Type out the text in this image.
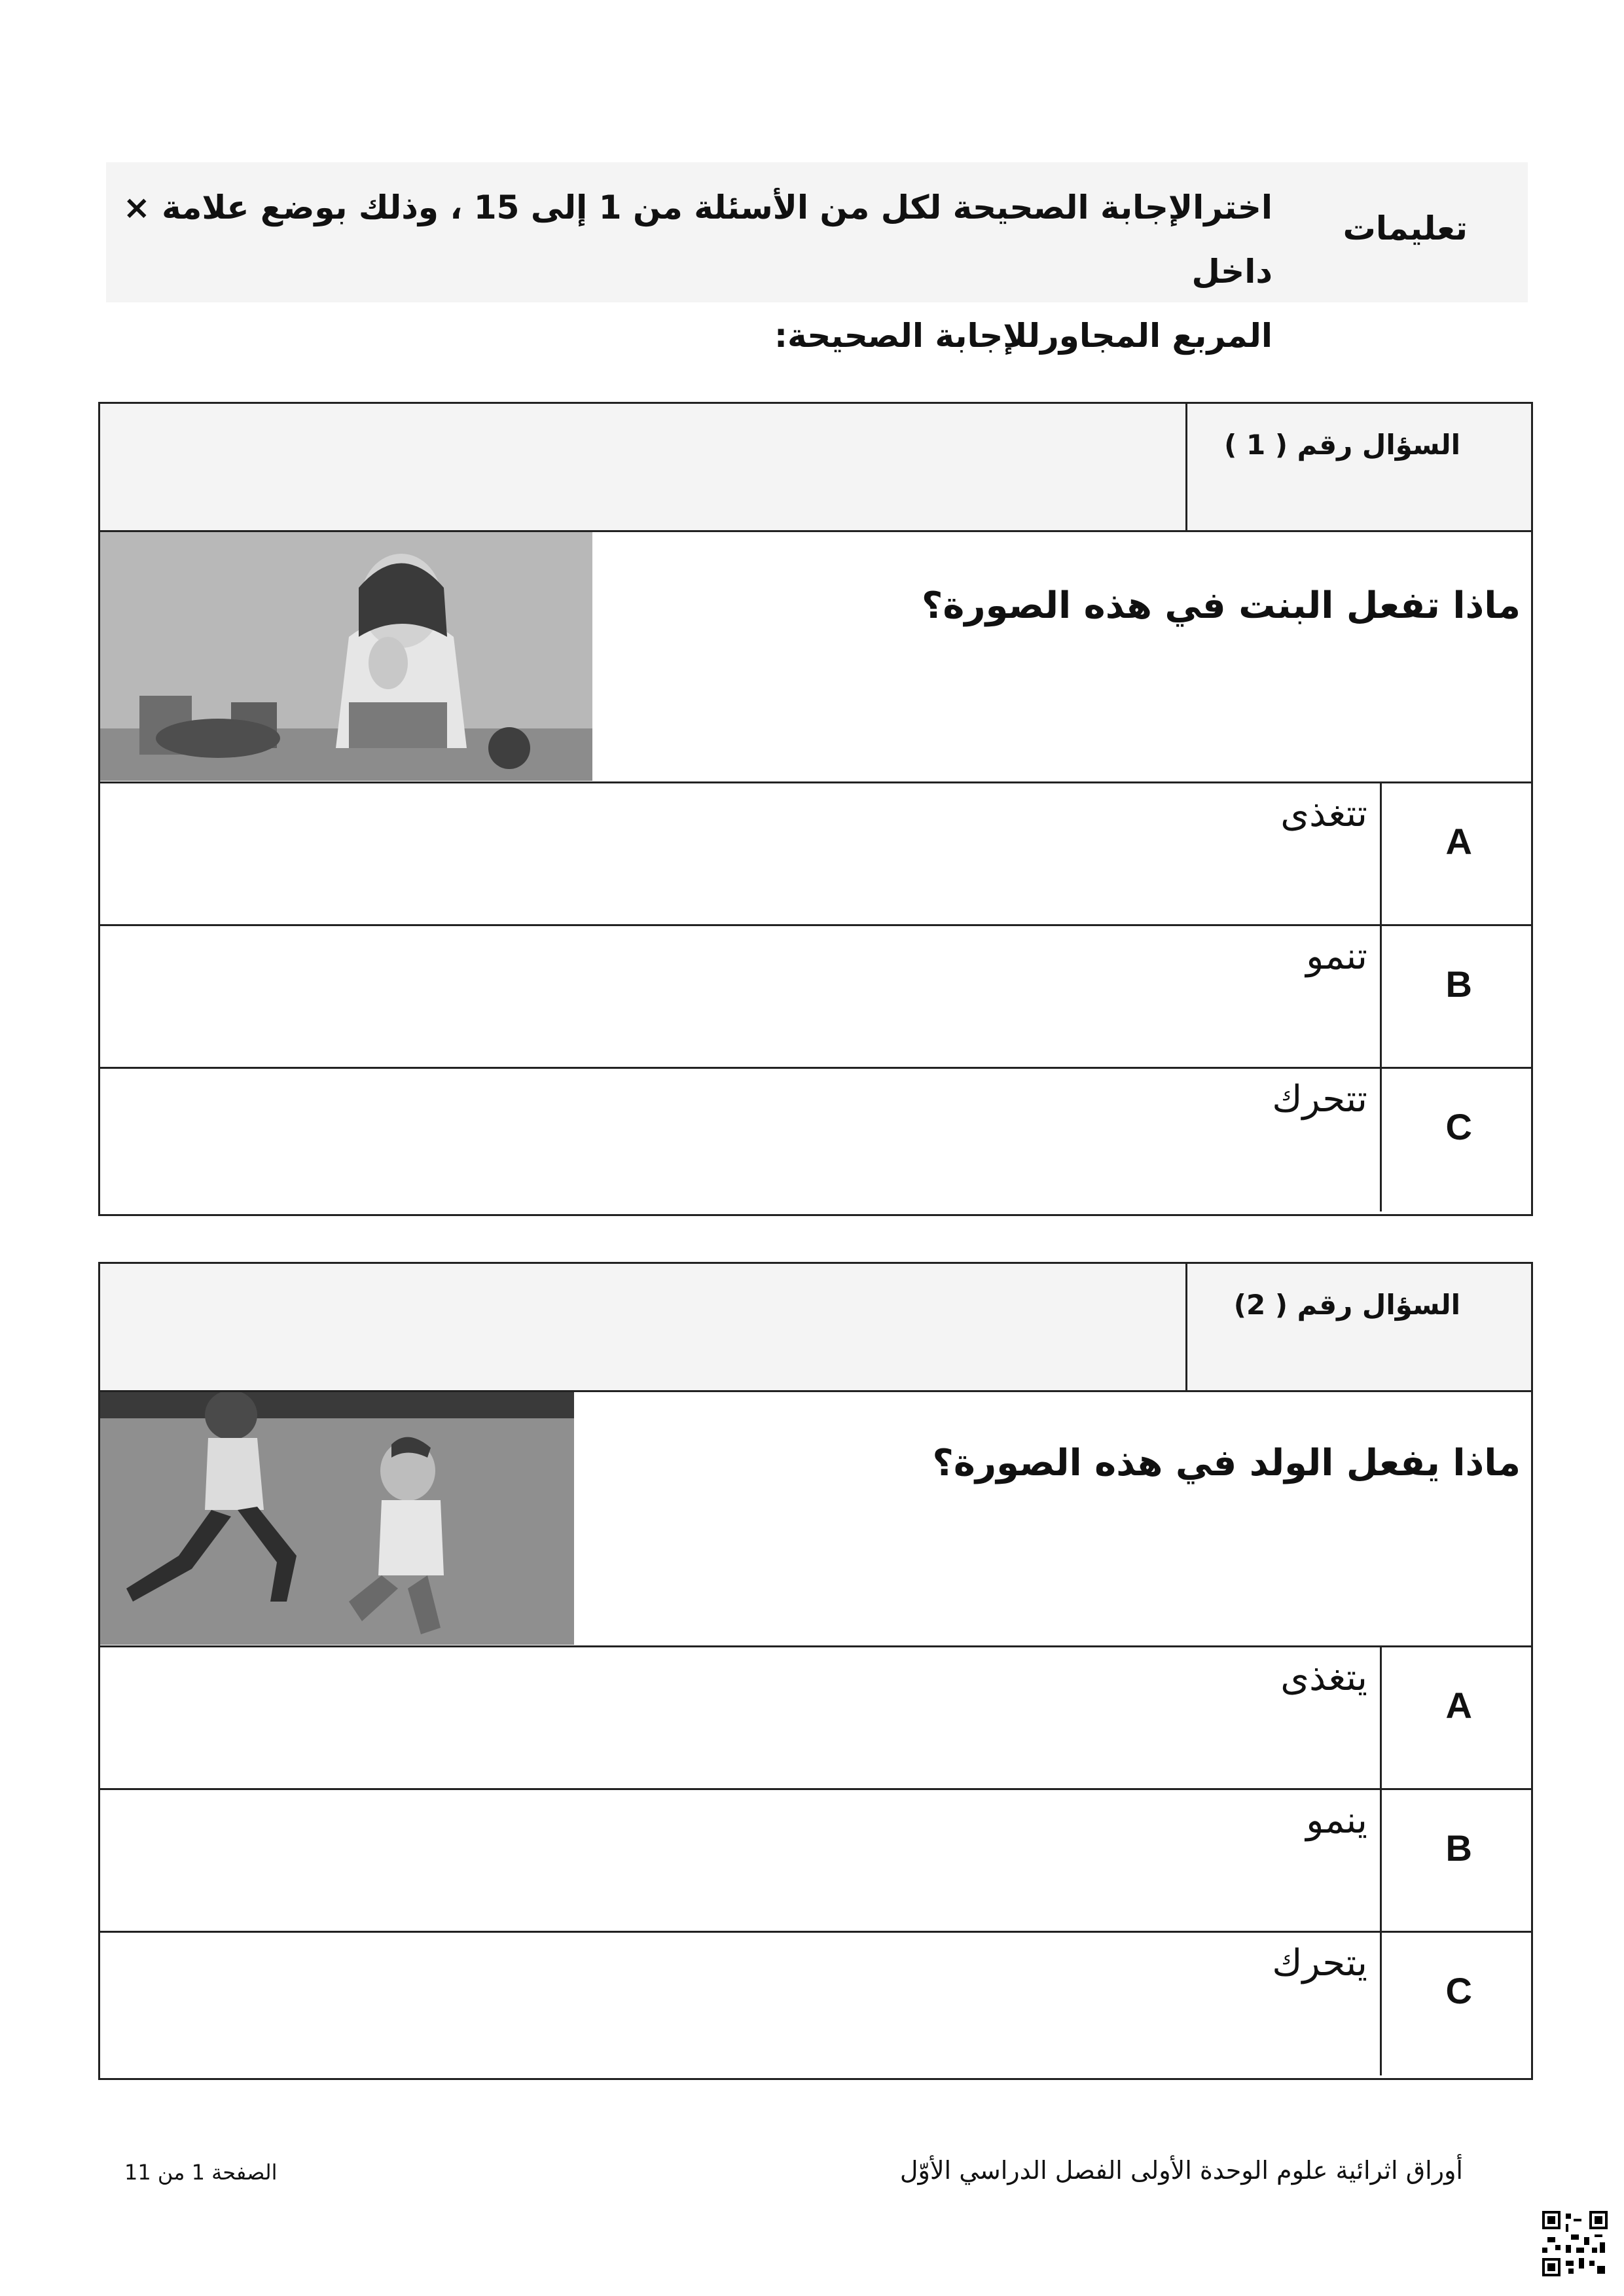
تعليمات
اخترالإجابة الصحيحة لكل من الأسئلة من 1 إلى 15 ، وذلك بوضع علامة × داخل
المربع المجاورللإجابة الصحيحة:
السؤال رقم ( 1 )
ماذا تفعل البنت في هذه الصورة؟
A
تتغذى
B
تنمو
C
تتحرك
السؤال رقم ( 2)
ماذا يفعل الولد في هذه الصورة؟
A
يتغذى
B
ينمو
C
يتحرك
الصفحة 1 من 11	أوراق اثرائية علوم الوحدة الأولى الفصل الدراسي الأوّل
